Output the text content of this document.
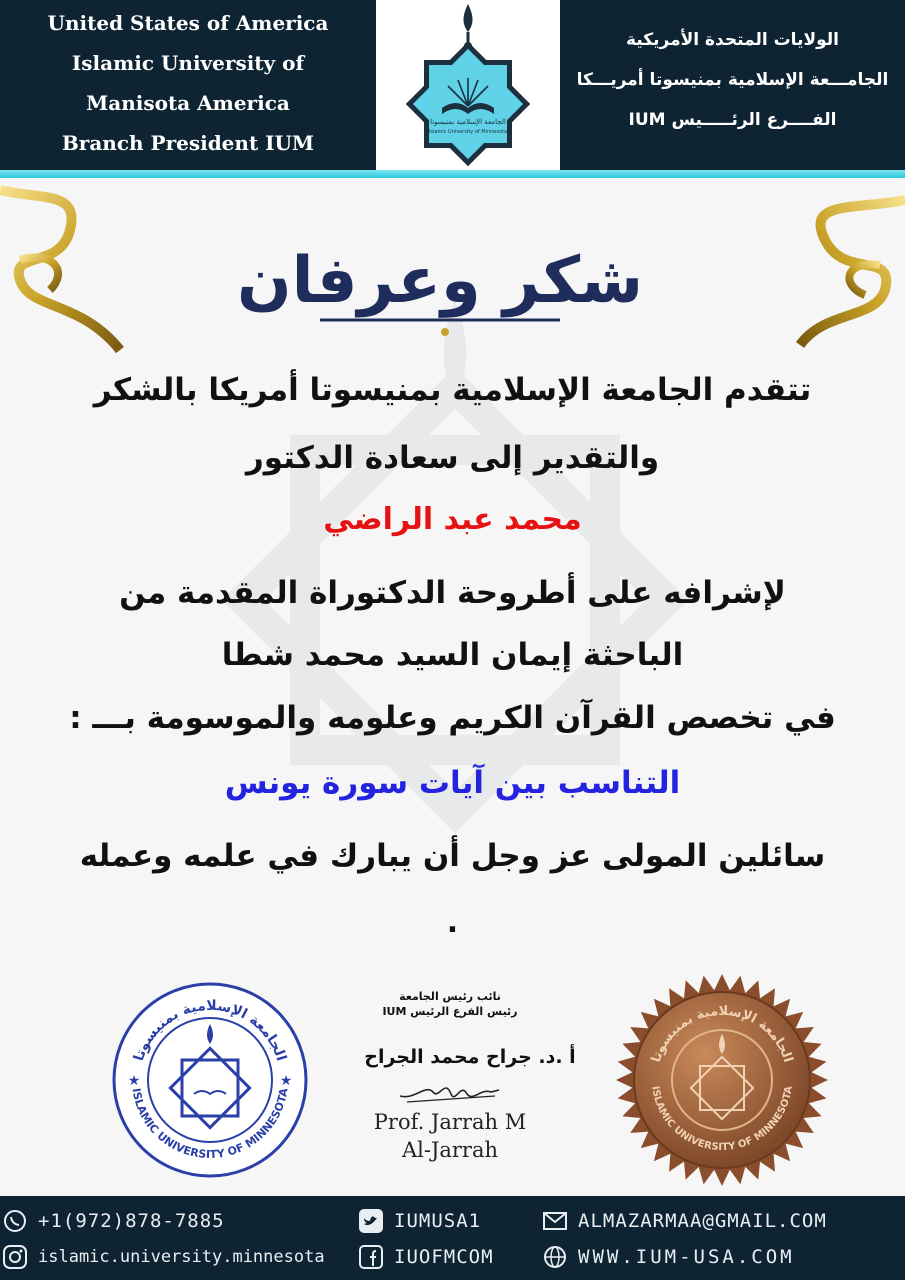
United States of America
Islamic University of
Manisota America
Branch President IUM
الجامعة الإسلامية بمنيسوتا
Islamic University of Minnesota
الولايات المتحدة الأمريكية
الجامـــعة الإسلامية بمنيسوتا أمريـــكا
الفــــرع الرئـــــيس IUM
شكر وعرفان
تتقدم الجامعة الإسلامية بمنيسوتا أمريكا بالشكر
والتقدير إلى سعادة الدكتور
محمد عبد الراضي
لإشرافه على أطروحة الدكتوراة المقدمة من
الباحثة إيمان السيد محمد شطا
في تخصص القرآن الكريم وعلومه والموسومة بـــ :
التناسب بين آيات سورة يونس
سائلين المولى عز وجل أن يبارك في علمه وعمله
.
الجامعة الإسلامية بمنيسوتا
ISLAMIC UNIVERSITY OF MINNESOTA
★	★
نائب رئيس الجامعة
رئيس الفرع الرئيس IUM
أ .د. جراح محمد الجراح
Prof. Jarrah M
Al-Jarrah
الجامعة الإسلامية بمنيسوتا
ISLAMIC UNIVERSITY OF MINNESOTA
+1(972)878-7885	IUMUSA1	ALMAZARMAA@GMAIL.COM
islamic.university.minnesota	IUOFMCOM	WWW.IUM-USA.COM
